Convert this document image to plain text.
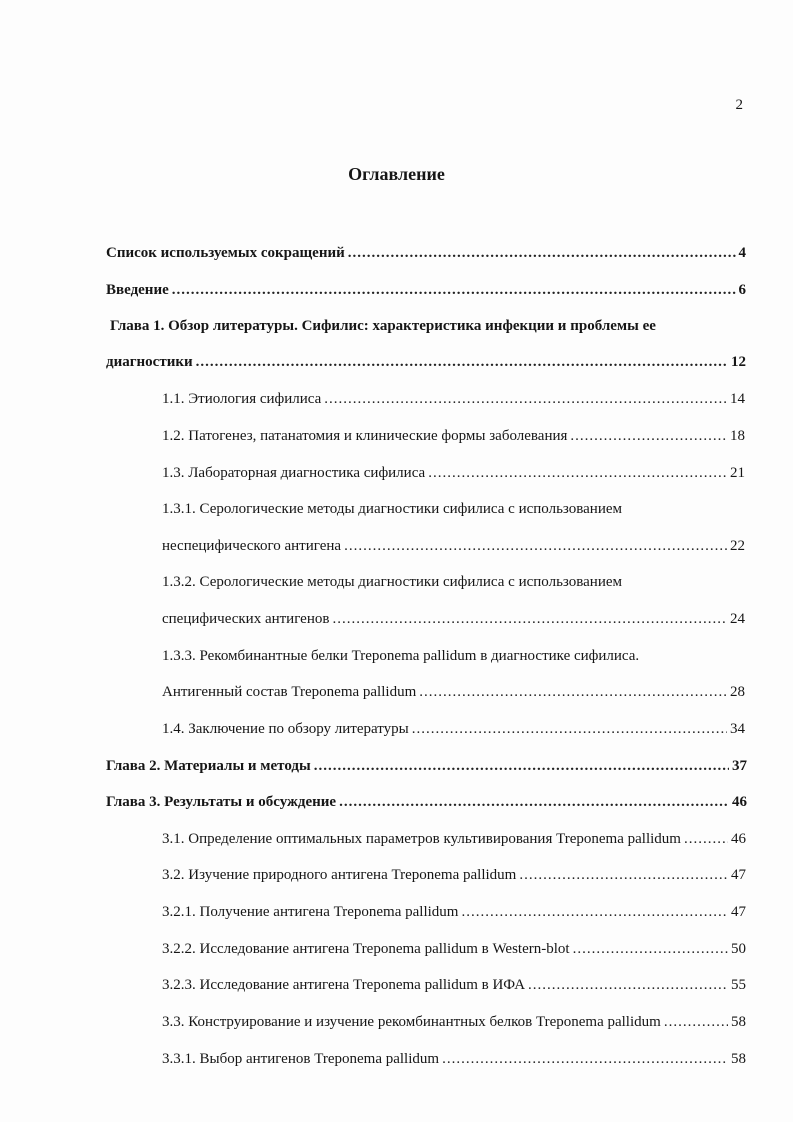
2
Оглавление
Список используемых сокращений .....	4
Введение .....	6
Глава 1. Обзор литературы. Сифилис: характеристика инфекции и проблемы ее
диагностики .....	12
1.1. Этиология сифилиса .....	14
1.2. Патогенез, патанатомия и клинические формы заболевания .....	18
1.3. Лабораторная диагностика сифилиса .....	21
1.3.1. Серологические методы диагностики сифилиса с использованием
неспецифического антигена .....	22
1.3.2. Серологические методы диагностики сифилиса с использованием
специфических антигенов .....	24
1.3.3. Рекомбинантные белки Treponema pallidum в диагностике сифилиса.
Антигенный состав Treponema pallidum .....	28
1.4. Заключение по обзору литературы .....	34
Глава 2. Материалы и методы .....	37
Глава 3. Результаты и обсуждение .....	46
3.1. Определение оптимальных параметров культивирования Treponema pallidum .....	46
3.2. Изучение природного антигена Treponema pallidum .....	47
3.2.1. Получение антигена Treponema pallidum .....	47
3.2.2. Исследование антигена Treponema pallidum в Western-blot .....	50
3.2.3. Исследование антигена Treponema pallidum в ИФА .....	55
3.3. Конструирование и изучение рекомбинантных белков Treponema pallidum .....	58
3.3.1. Выбор антигенов Treponema pallidum .....	58
